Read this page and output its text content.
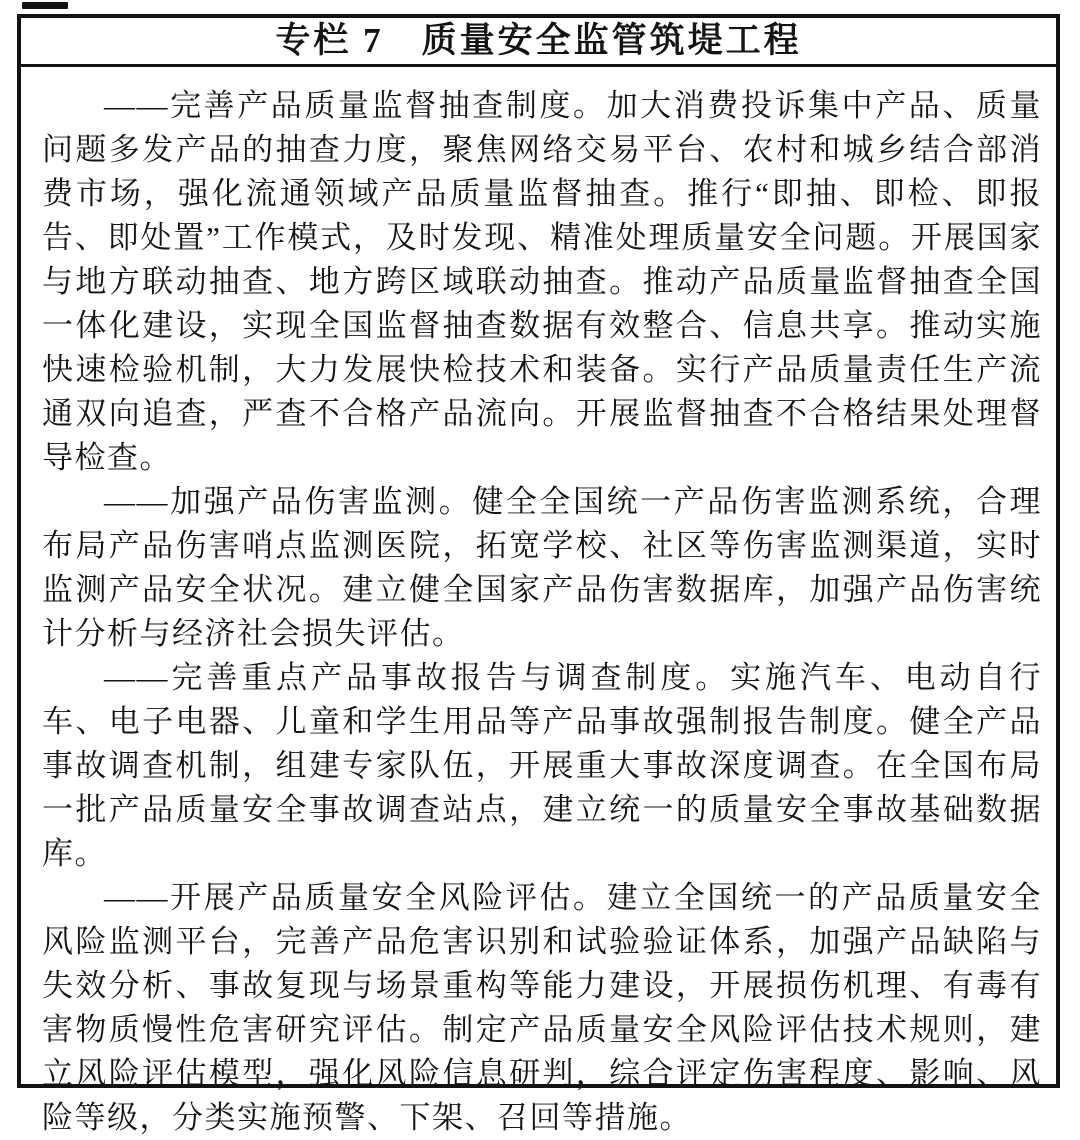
专栏 7　质量安全监管筑堤工程

——完善产品质量监督抽查制度。加大消费投诉集中产品、质量问题多发产品的抽查力度，聚焦网络交易平台、农村和城乡结合部消费市场，强化流通领域产品质量监督抽查。推行“即抽、即检、即报告、即处置”工作模式，及时发现、精准处理质量安全问题。开展国家与地方联动抽查、地方跨区域联动抽查。推动产品质量监督抽查全国一体化建设，实现全国监督抽查数据有效整合、信息共享。推动实施快速检验机制，大力发展快检技术和装备。实行产品质量责任生产流通双向追查，严查不合格产品流向。开展监督抽查不合格结果处理督导检查。

——加强产品伤害监测。健全全国统一产品伤害监测系统，合理布局产品伤害哨点监测医院，拓宽学校、社区等伤害监测渠道，实时监测产品安全状况。建立健全国家产品伤害数据库，加强产品伤害统计分析与经济社会损失评估。

——完善重点产品事故报告与调查制度。实施汽车、电动自行车、电子电器、儿童和学生用品等产品事故强制报告制度。健全产品事故调查机制，组建专家队伍，开展重大事故深度调查。在全国布局一批产品质量安全事故调查站点，建立统一的质量安全事故基础数据库。

——开展产品质量安全风险评估。建立全国统一的产品质量安全风险监测平台，完善产品危害识别和试验验证体系，加强产品缺陷与失效分析、事故复现与场景重构等能力建设，开展损伤机理、有毒有害物质慢性危害研究评估。制定产品质量安全风险评估技术规则，建立风险评估模型，强化风险信息研判，综合评定伤害程度、影响、风险等级，分类实施预警、下架、召回等措施。
